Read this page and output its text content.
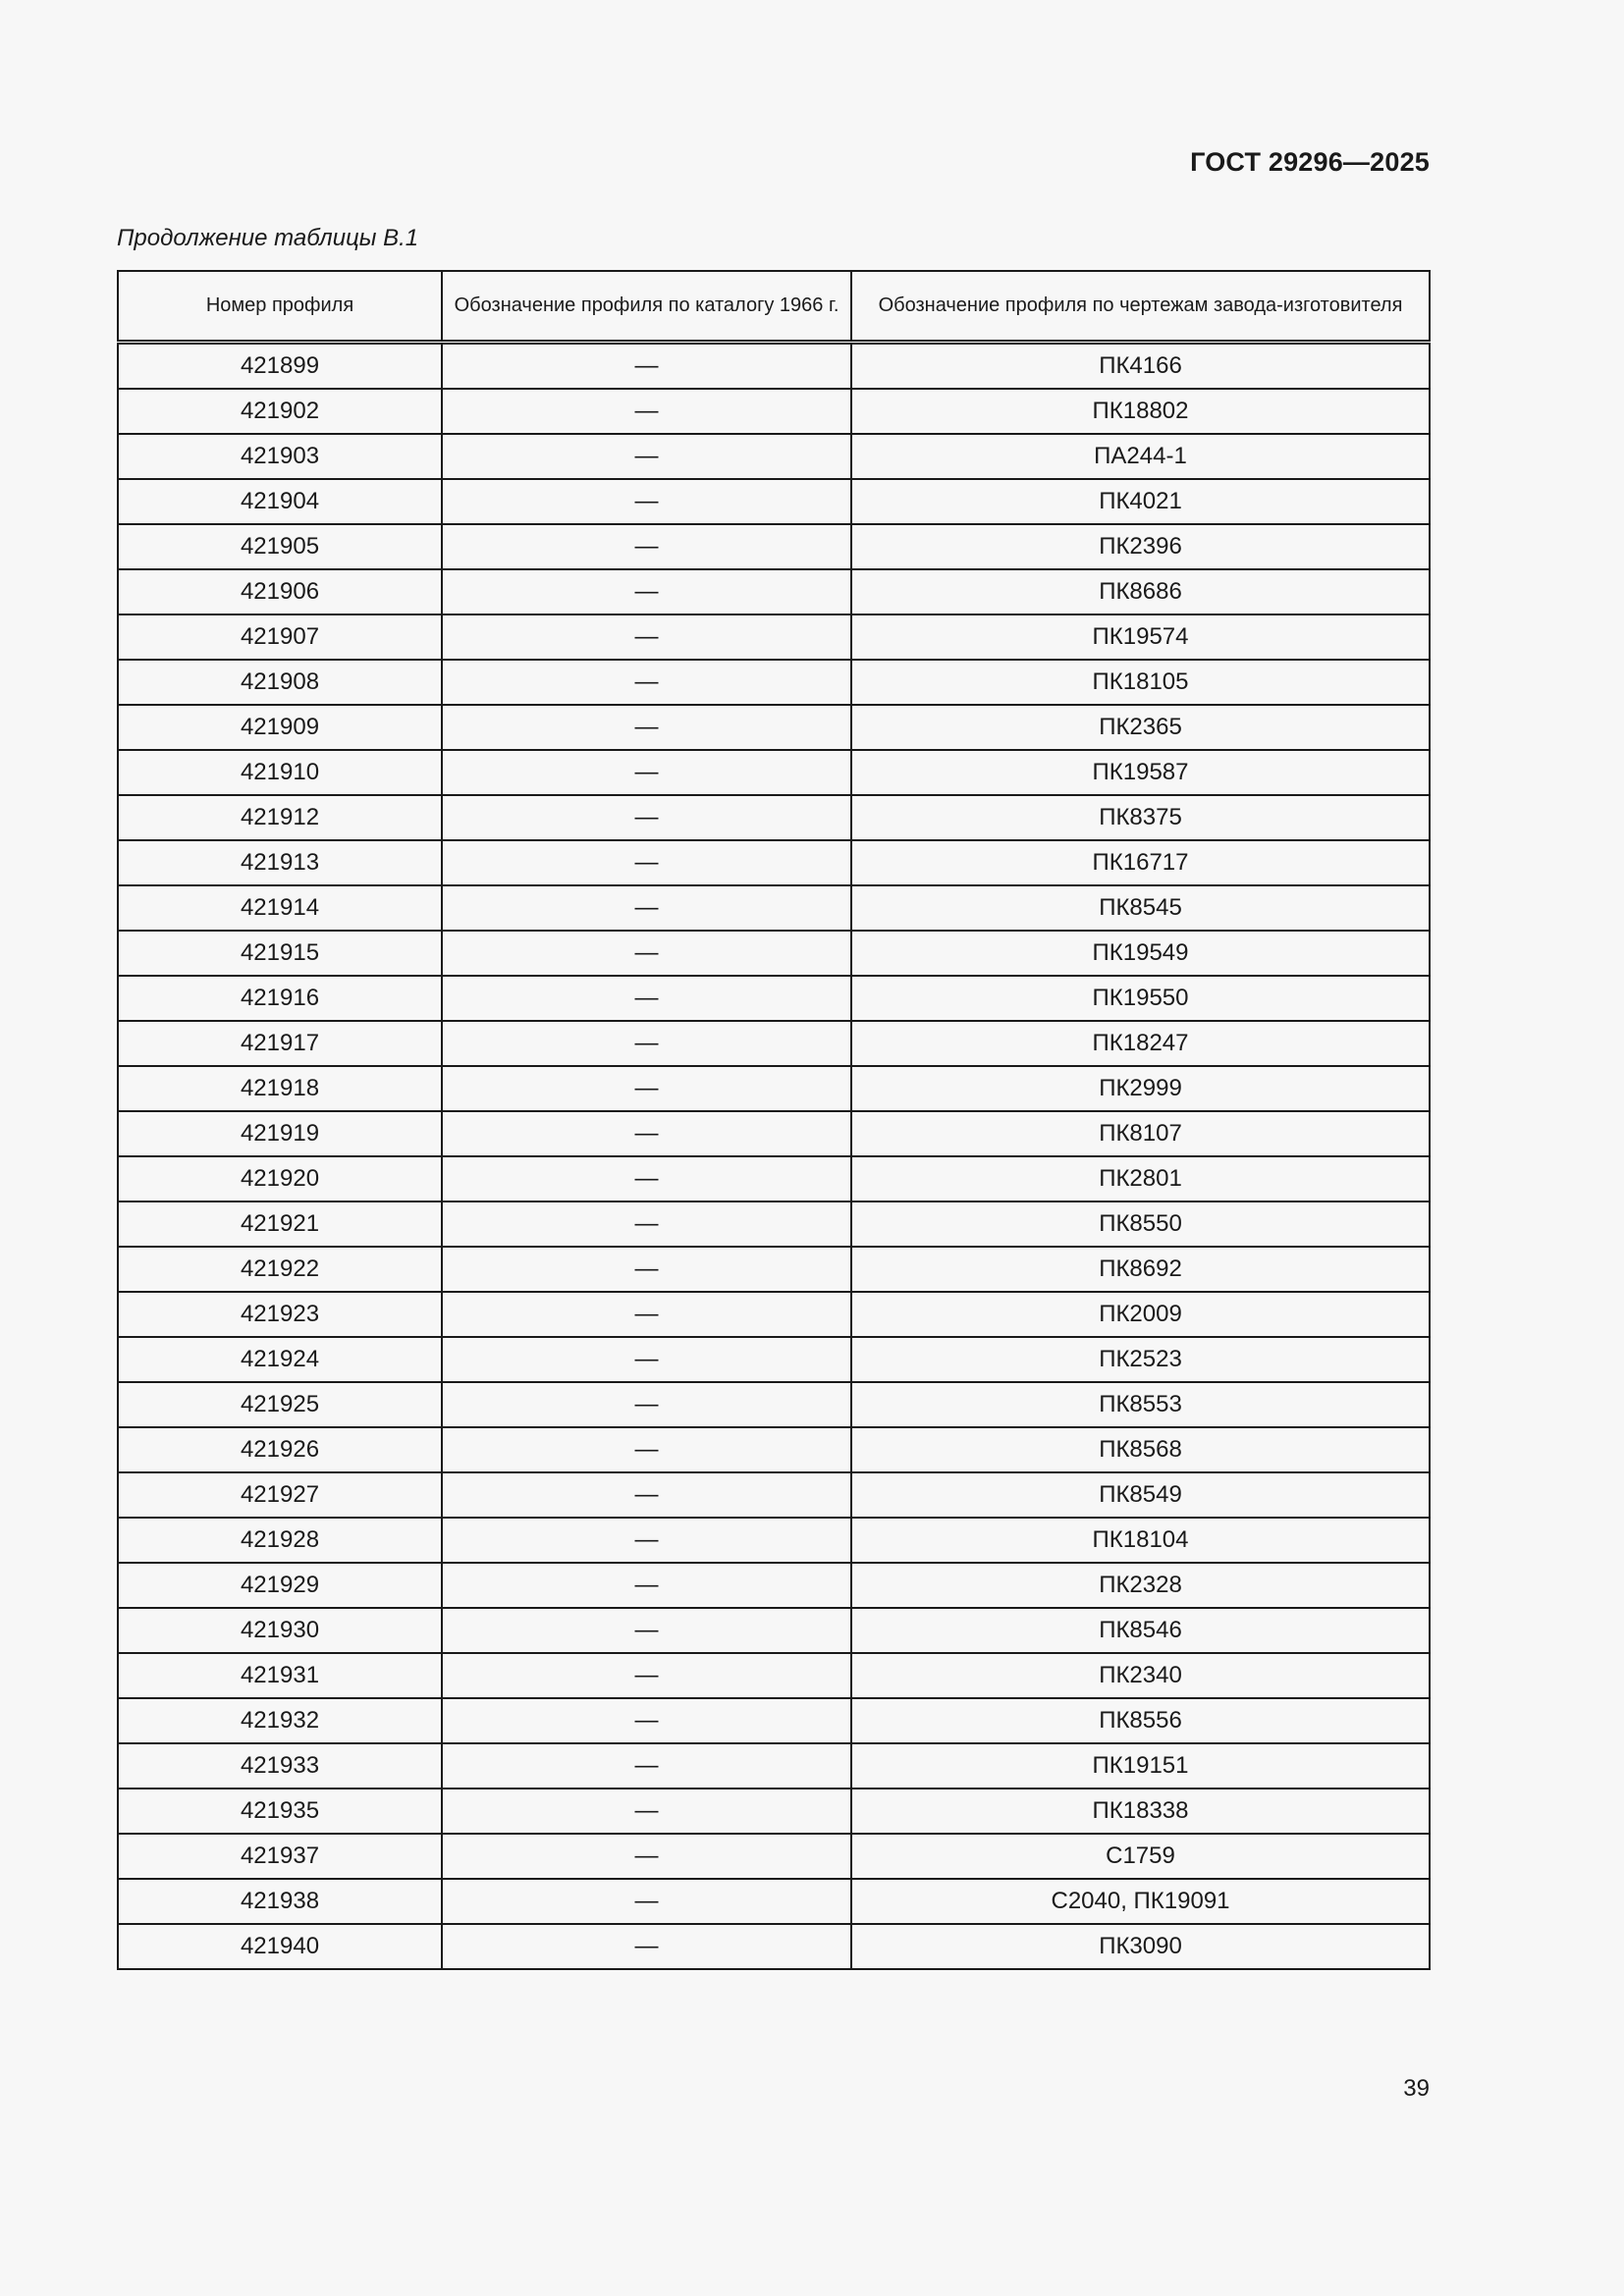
ГОСТ 29296—2025
Продолжение таблицы В.1
Номер профиля	Обозначение профиля по каталогу 1966 г.	Обозначение профиля по чертежам завода-изготовителя
421899	—	ПК4166
421902	—	ПК18802
421903	—	ПА244-1
421904	—	ПК4021
421905	—	ПК2396
421906	—	ПК8686
421907	—	ПК19574
421908	—	ПК18105
421909	—	ПК2365
421910	—	ПК19587
421912	—	ПК8375
421913	—	ПК16717
421914	—	ПК8545
421915	—	ПК19549
421916	—	ПК19550
421917	—	ПК18247
421918	—	ПК2999
421919	—	ПК8107
421920	—	ПК2801
421921	—	ПК8550
421922	—	ПК8692
421923	—	ПК2009
421924	—	ПК2523
421925	—	ПК8553
421926	—	ПК8568
421927	—	ПК8549
421928	—	ПК18104
421929	—	ПК2328
421930	—	ПК8546
421931	—	ПК2340
421932	—	ПК8556
421933	—	ПК19151
421935	—	ПК18338
421937	—	С1759
421938	—	С2040, ПК19091
421940	—	ПК3090
39
